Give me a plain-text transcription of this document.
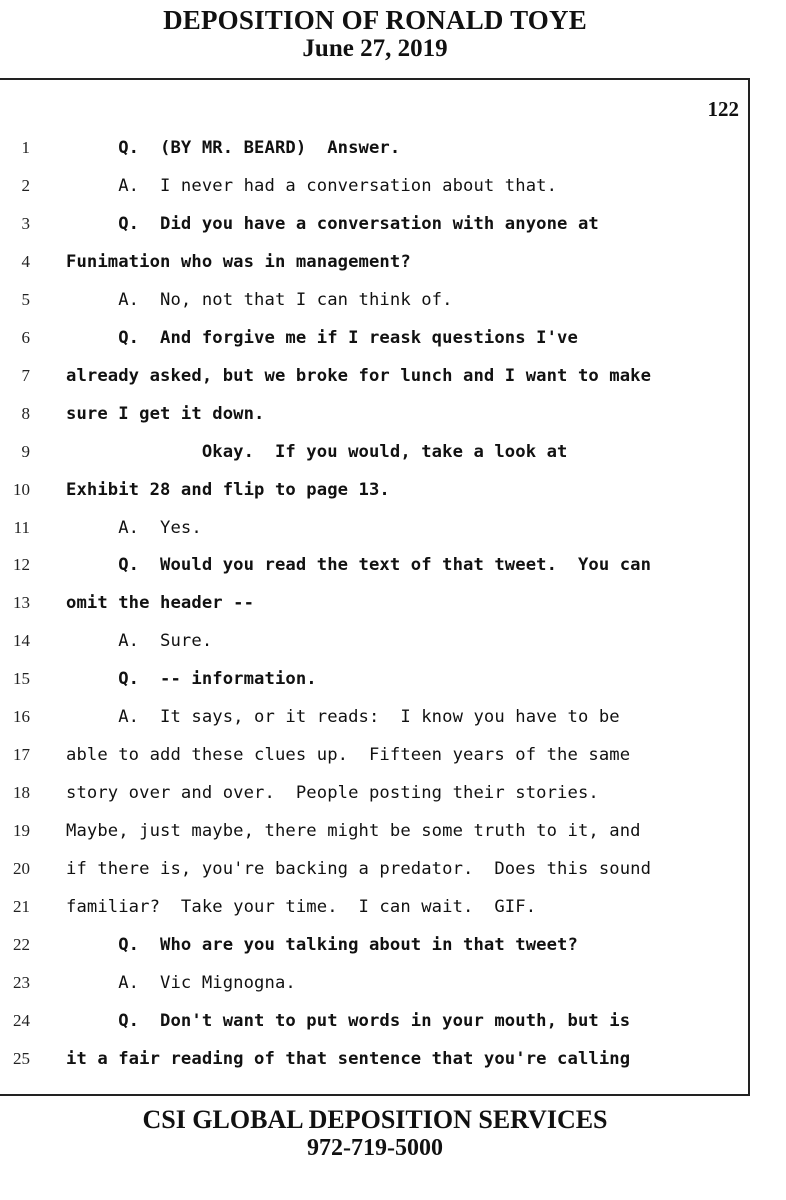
DEPOSITION OF RONALD TOYE
June 27, 2019
122
1 Q.  (BY MR. BEARD)  Answer.
2 A.  I never had a conversation about that.
3 Q.  Did you have a conversation with anyone at
4 Funimation who was in management?
5 A.  No, not that I can think of.
6 Q.  And forgive me if I reask questions I've
7 already asked, but we broke for lunch and I want to make
8 sure I get it down.
9 Okay.  If you would, take a look at
10 Exhibit 28 and flip to page 13.
11 A.  Yes.
12 Q.  Would you read the text of that tweet.  You can
13 omit the header --
14 A.  Sure.
15 Q.  -- information.
16 A.  It says, or it reads:  I know you have to be
17 able to add these clues up.  Fifteen years of the same
18 story over and over.  People posting their stories.
19 Maybe, just maybe, there might be some truth to it, and
20 if there is, you're backing a predator.  Does this sound
21 familiar?  Take your time.  I can wait.  GIF.
22 Q.  Who are you talking about in that tweet?
23 A.  Vic Mignogna.
24 Q.  Don't want to put words in your mouth, but is
25 it a fair reading of that sentence that you're calling
CSI GLOBAL DEPOSITION SERVICES
972-719-5000
